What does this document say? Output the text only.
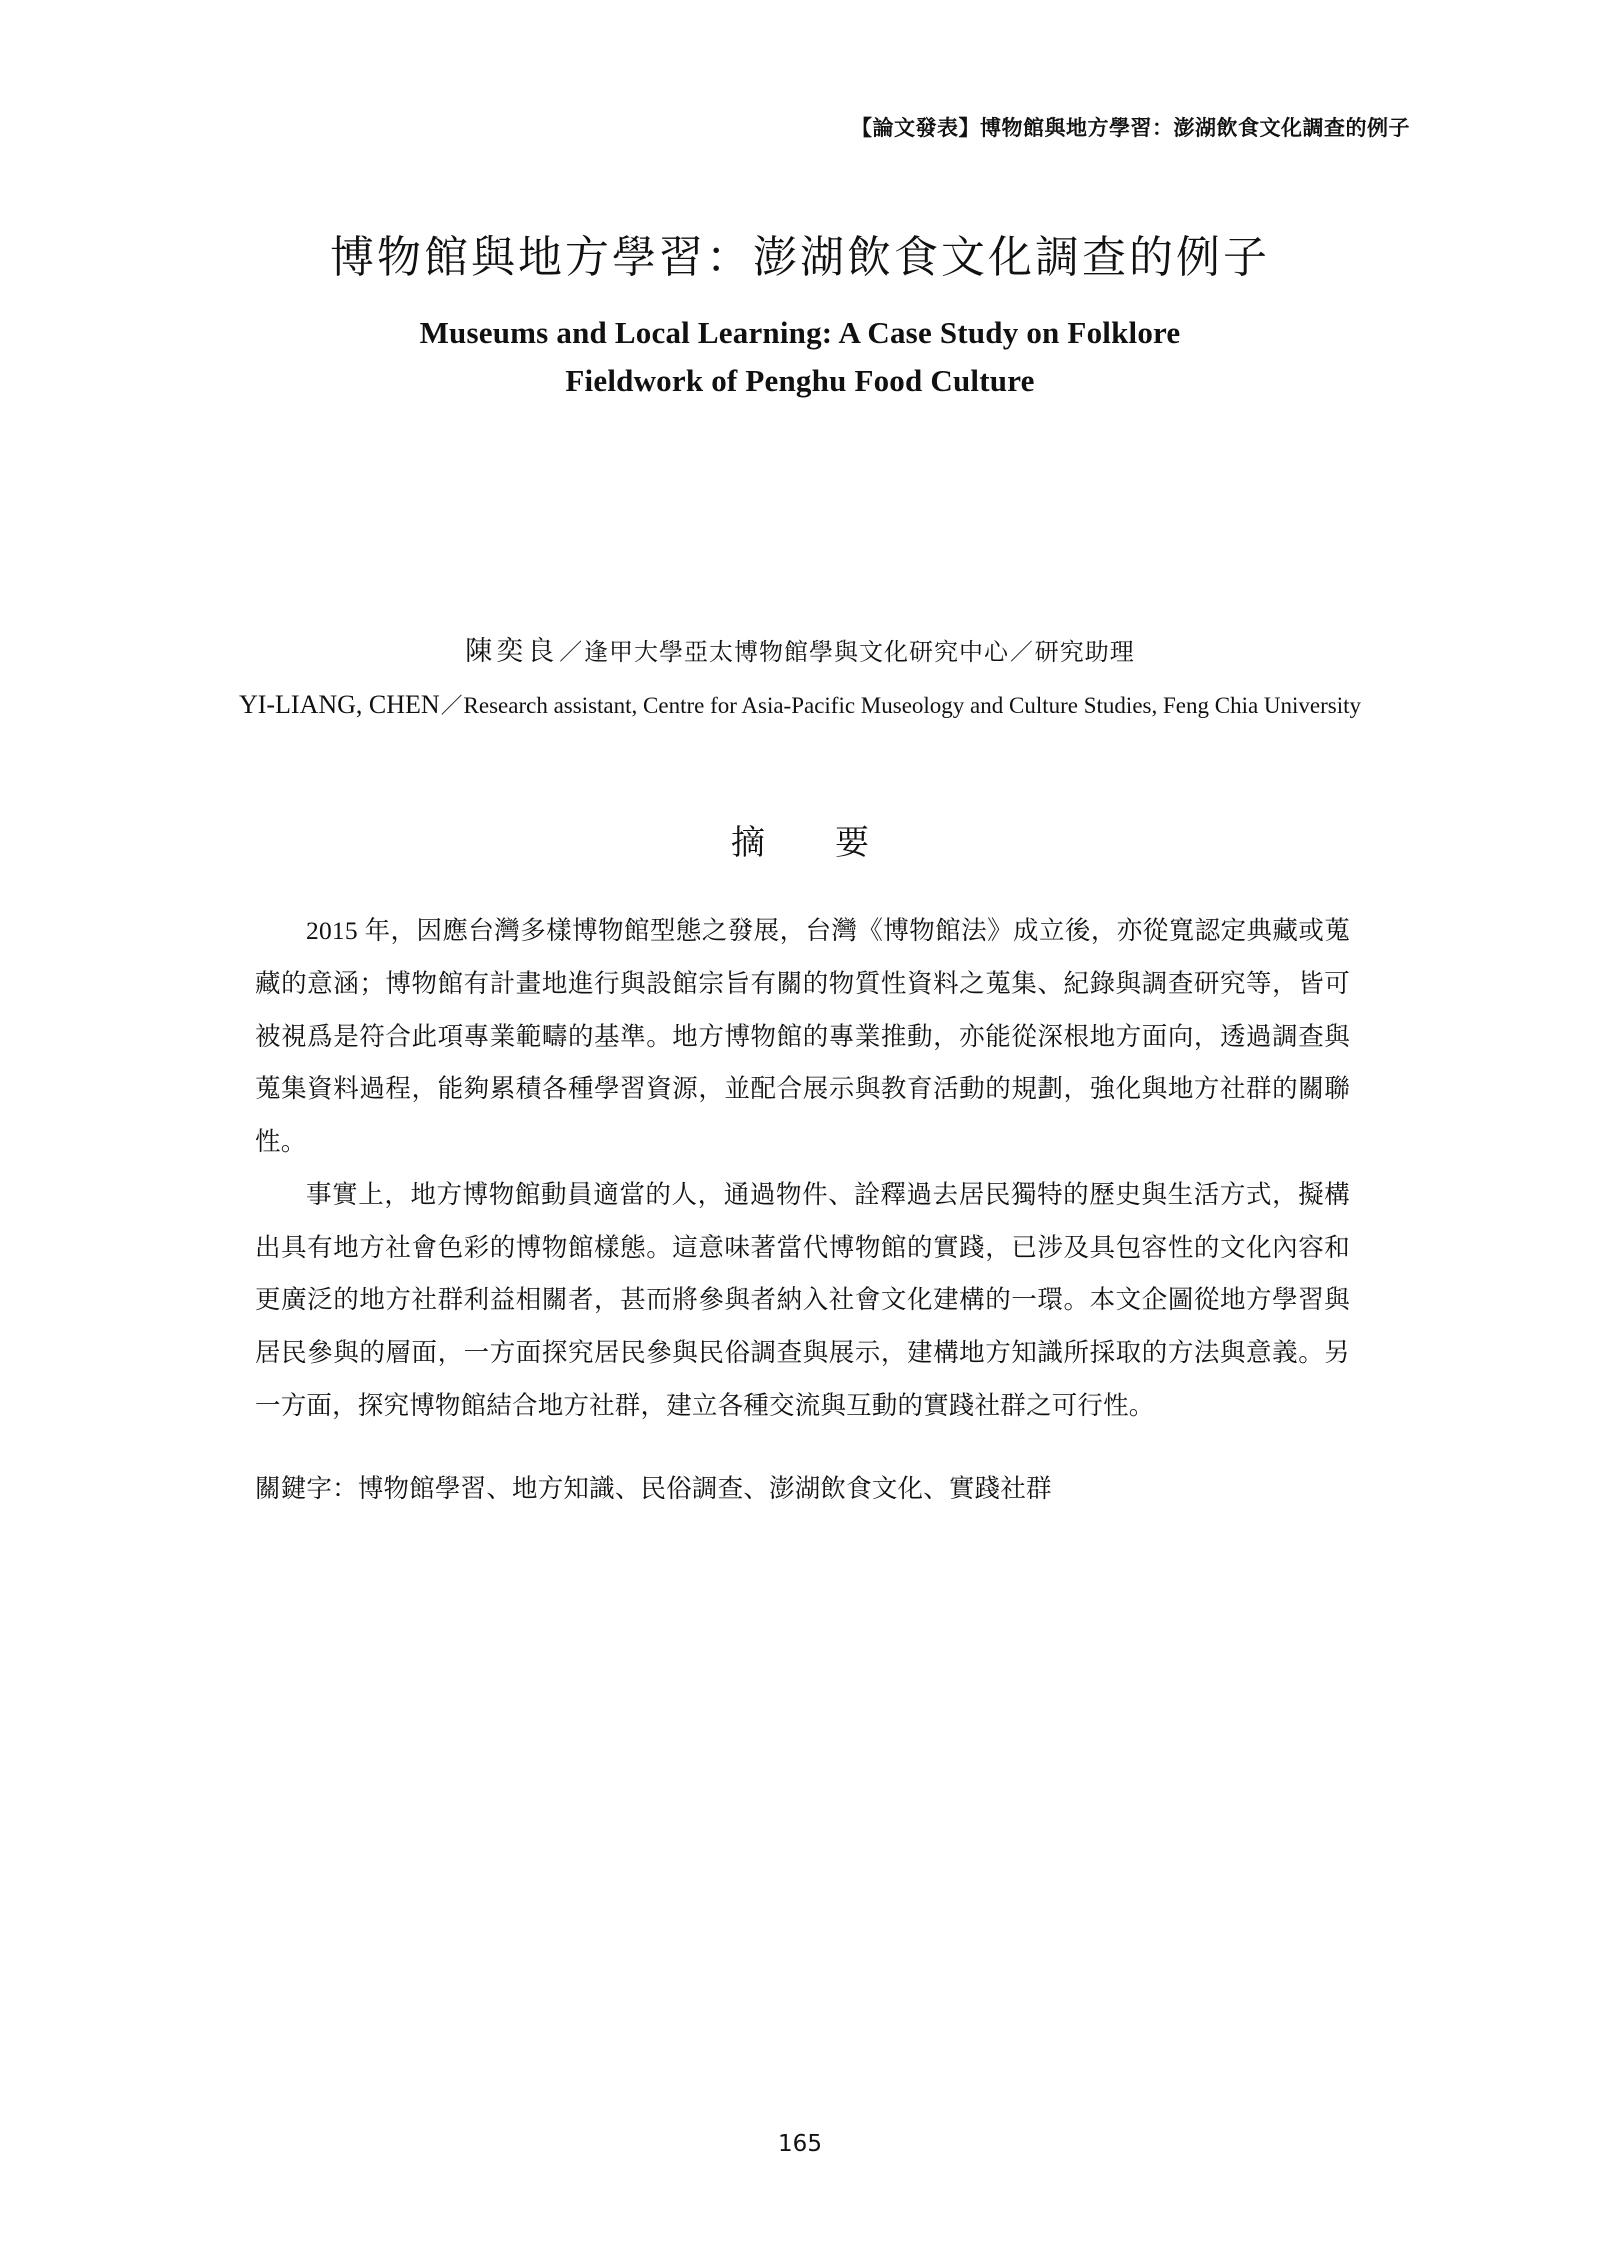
【論文發表】博物館與地方學習：澎湖飲食文化調查的例子
博物館與地方學習：澎湖飲食文化調查的例子
Museums and Local Learning: A Case Study on Folklore
Fieldwork of Penghu Food Culture
陳奕良／逢甲大學亞太博物館學與文化研究中心／研究助理
YI-LIANG, CHEN／Research assistant, Centre for Asia-Pacific Museology and Culture Studies, Feng Chia University
摘　要

2015 年，因應台灣多樣博物館型態之發展，台灣《博物館法》成立後，亦從寬認定典藏或蒐藏的意涵；博物館有計畫地進行與設館宗旨有關的物質性資料之蒐集、紀錄與調查研究等，皆可被視爲是符合此項專業範疇的基準。地方博物館的專業推動，亦能從深根地方面向，透過調查與蒐集資料過程，能夠累積各種學習資源，並配合展示與教育活動的規劃，強化與地方社群的關聯性。

事實上，地方博物館動員適當的人，通過物件、詮釋過去居民獨特的歷史與生活方式，擬構出具有地方社會色彩的博物館樣態。這意味著當代博物館的實踐，已涉及具包容性的文化內容和更廣泛的地方社群利益相關者，甚而將參與者納入社會文化建構的一環。本文企圖從地方學習與居民參與的層面，一方面探究居民參與民俗調查與展示，建構地方知識所採取的方法與意義。另一方面，探究博物館結合地方社群，建立各種交流與互動的實踐社群之可行性。

關鍵字：博物館學習、地方知識、民俗調查、澎湖飲食文化、實踐社群
165
